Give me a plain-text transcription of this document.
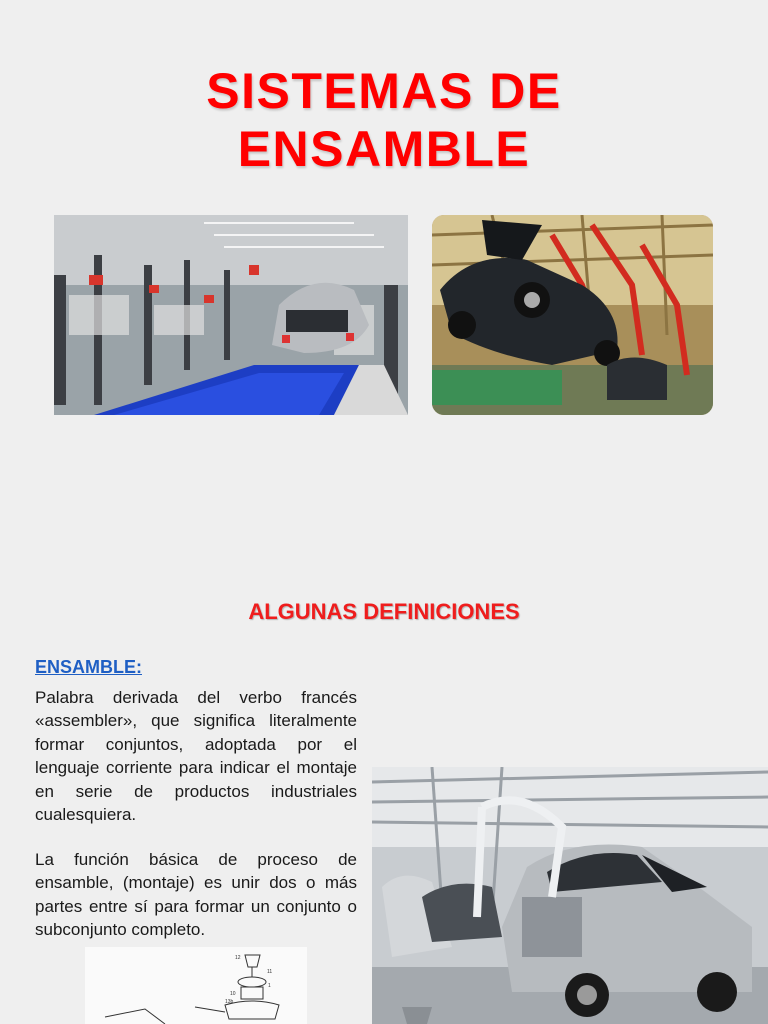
SISTEMAS DE
ENSAMBLE
ALGUNAS DEFINICIONES
ENSAMBLE:
Palabra derivada del verbo francés «assembler», que significa literalmente formar conjuntos, adoptada por el lenguaje corriente para indicar el montaje en serie de productos industriales cualesquiera.
La función básica de proceso de ensamble, (montaje) es unir dos o más partes entre sí para formar un conjunto o subconjunto completo.
12
11
1
10
13b
